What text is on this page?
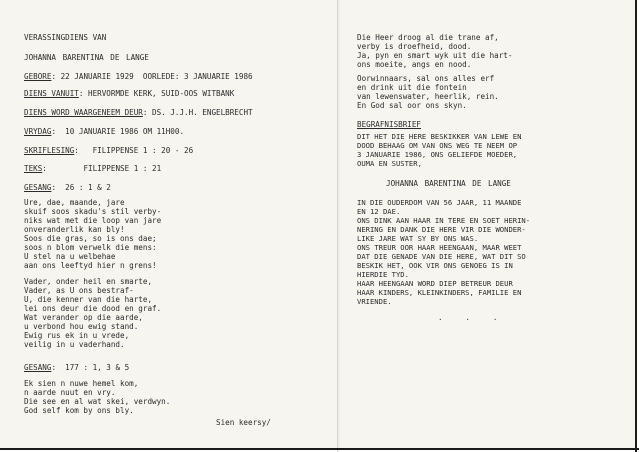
VERASSINGDIENS VAN
JOHANNA BARENTINA DE LANGE
GEBORE: 22 JANUARIE 1929  OORLEDE: 3 JANUARIE 1986
DIENS VANUIT: HERVORMDE KERK, SUID-OOS WITBANK
DIENS WORD WAARGENEEM DEUR: DS. J.J.H. ENGELBRECHT
VRYDAG:  10 JANUARIE 1986 OM 11H00.
SKRIFLESING:   FILIPPENSE 1 : 20 - 26
TEKS:        FILIPPENSE 1 : 21
GESANG:  26 : 1 & 2
Ure, dae, maande, jare
skuif soos skadu's stil verby-
niks wat met die loop van jare
onveranderlik kan bly!
Soos die gras, so is ons dae;
soos n blom verwelk die mens:
U stel na u welbehae
aan ons leeftyd hier n grens!
Vader, onder heil en smarte,
Vader, as U ons bestraf-
U, die kenner van die harte,
lei ons deur die dood en graf.
Wat verander op die aarde,
u verbond hou ewig stand.
Ewig rus ek in u vrede,
veilig in u vaderhand.
GESANG:  177 : 1, 3 & 5
Ek sien n nuwe hemel kom,
n aarde nuut en vry.
Die see en al wat skei, verdwyn.
God self kom by ons bly.
Sien keersy/
Die Heer droog al die trane af,
verby is droefheid, dood.
Ja, pyn en smart wyk uit die hart-
ons moeite, angs en nood.
Oorwinnaars, sal ons alles erf
en drink uit die fontein
van lewenswater, heerlik, rein.
En God sal oor ons skyn.
BEGRAFNISBRIEF
DIT HET DIE HERE BESKIKKER VAN LEWE EN
DOOD BEHAAG OM VAN ONS WEG TE NEEM OP
3 JANUARIE 1986, ONS GELIEFDE MOEDER,
OUMA EN SUSTER,
JOHANNA BARENTINA DE LANGE
IN DIE OUDERDOM VAN 56 JAAR, 11 MAANDE
EN 12 DAE.
ONS DINK AAN HAAR IN TERE EN SOET HERIN-
NERING EN DANK DIE HERE VIR DIE WONDER-
LIKE JARE WAT SY BY ONS WAS.
ONS TREUR OOR HAAR HEENGAAN, MAAR WEET
DAT DIE GENADE VAN DIE HERE, WAT DIT SO
BESKIK HET, OOK VIR ONS GENOEG IS IN
HIERDIE TYD.
HAAR HEENGAAN WORD DIEP BETREUR DEUR
HAAR KINDERS, KLEINKINDERS, FAMILIE EN
VRIENDE.
.     .     .
